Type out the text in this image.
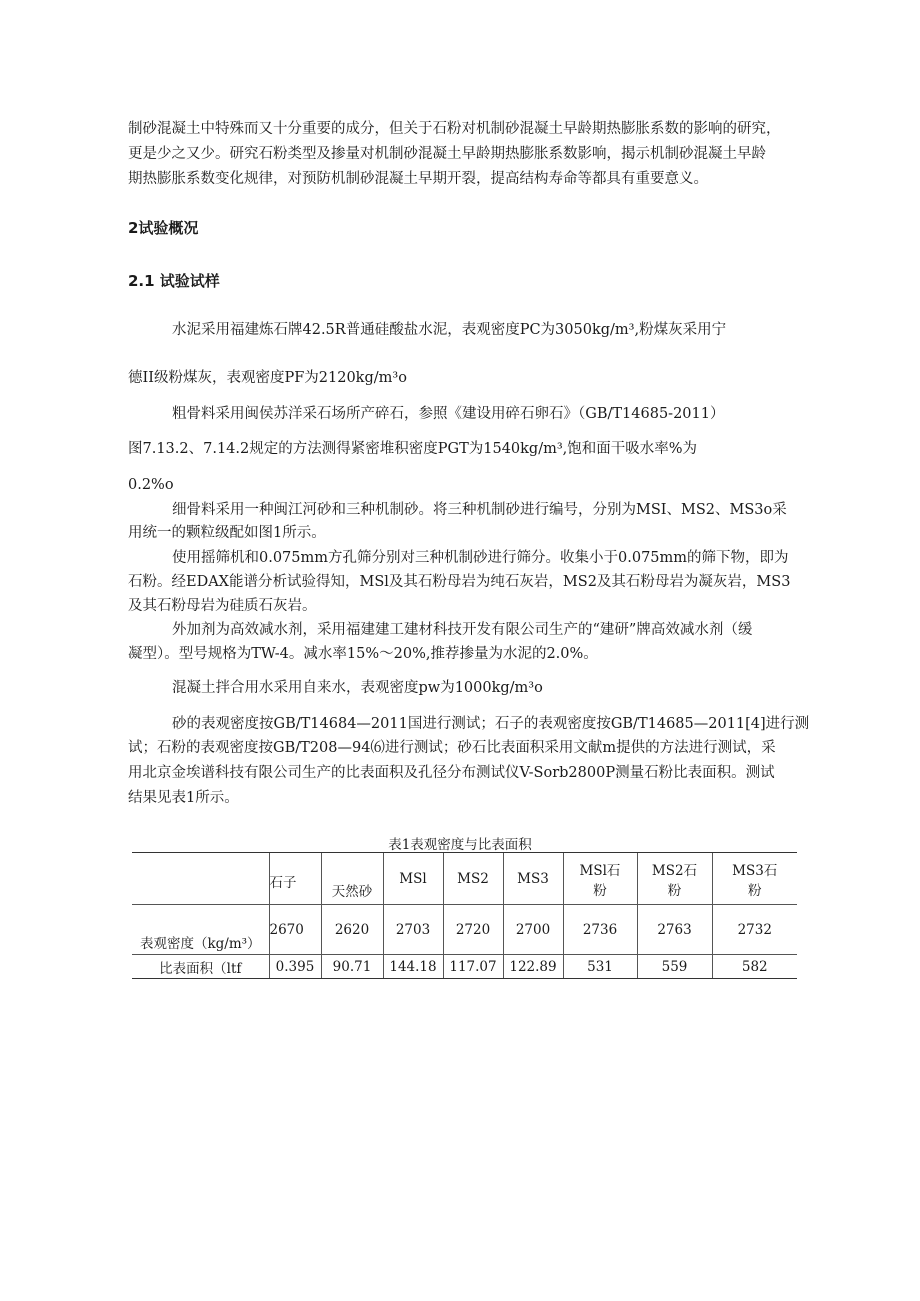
制砂混凝土中特殊而又十分重要的成分，但关于石粉对机制砂混凝土早龄期热膨胀系数的影响的研究，

更是少之又少。研究石粉类型及掺量对机制砂混凝土早龄期热膨胀系数影响，揭示机制砂混凝土早龄

期热膨胀系数变化规律，对预防机制砂混凝土早期开裂，提高结构寿命等都具有重要意义。

2试验概况
2.1 试验试样

水泥采用福建炼石牌42.5R普通硅酸盐水泥，表观密度PC为3050kg/m³,粉煤灰采用宁

德II级粉煤灰，表观密度PF为2120kg/m³o

粗骨料采用闽侯苏洋采石场所产碎石，参照《建设用碎石卵石》（GB/T14685-2011）

图7.13.2、7.14.2规定的方法测得紧密堆积密度PGT为1540kg/m³,饱和面干吸水率%为

0.2%o

细骨料采用一种闽江河砂和三种机制砂。将三种机制砂进行编号，分别为MSI、MS2、MS3o采

用统一的颗粒级配如图1所示。

使用摇筛机和0.075mm方孔筛分别对三种机制砂进行筛分。收集小于0.075mm的筛下物，即为

石粉。经EDAX能谱分析试验得知，MSl及其石粉母岩为纯石灰岩，MS2及其石粉母岩为凝灰岩，MS3

及其石粉母岩为硅质石灰岩。

外加剂为高效减水剂，采用福建建工建材科技开发有限公司生产的“建研”牌高效减水剂（缓

凝型）。型号规格为TW-4。减水率15%～20%,推荐掺量为水泥的2.0%。

混凝土拌合用水采用自来水，表观密度pw为1000kg/m³o

砂的表观密度按GB/T14684—2011国进行测试；石子的表观密度按GB/T14685—2011[4]进行测

试；石粉的表观密度按GB/T208—94⑹进行测试；砂石比表面积采用文献m提供的方法进行测试，采

用北京金埃谱科技有限公司生产的比表面积及孔径分布测试仪V-Sorb2800P测量石粉比表面积。测试

结果见表1所示。

表1表观密度与比表面积
	石子	天然砂	MSl	MS2	MS3	MSl石粉	MS2石粉	MS3石粉
表观密度（kg/m³）	2670	2620	2703	2720	2700	2736	2763	2732
比表面积（ltf	0.395	90.71	144.18	117.07	122.89	531	559	582
